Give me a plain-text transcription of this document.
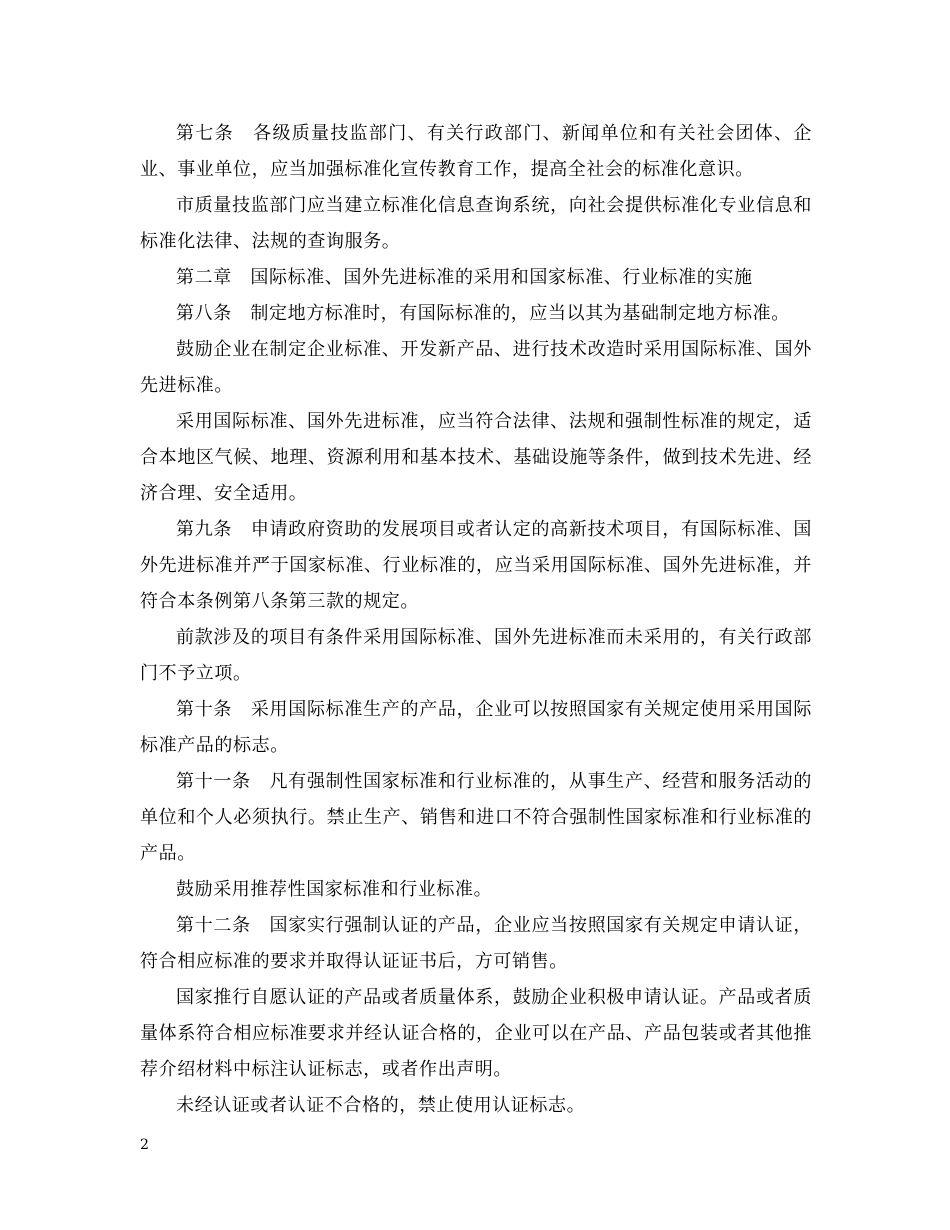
第七条　各级质量技监部门、有关行政部门、新闻单位和有关社会团体、企业、事业单位，应当加强标准化宣传教育工作，提高全社会的标准化意识。

市质量技监部门应当建立标准化信息查询系统，向社会提供标准化专业信息和标准化法律、法规的查询服务。

第二章　国际标准、国外先进标准的采用和国家标准、行业标准的实施

第八条　制定地方标准时，有国际标准的，应当以其为基础制定地方标准。

鼓励企业在制定企业标准、开发新产品、进行技术改造时采用国际标准、国外先进标准。

采用国际标准、国外先进标准，应当符合法律、法规和强制性标准的规定，适合本地区气候、地理、资源利用和基本技术、基础设施等条件，做到技术先进、经济合理、安全适用。

第九条　申请政府资助的发展项目或者认定的高新技术项目，有国际标准、国外先进标准并严于国家标准、行业标准的，应当采用国际标准、国外先进标准，并符合本条例第八条第三款的规定。

前款涉及的项目有条件采用国际标准、国外先进标准而未采用的，有关行政部门不予立项。

第十条　采用国际标准生产的产品，企业可以按照国家有关规定使用采用国际标准产品的标志。

第十一条　凡有强制性国家标准和行业标准的，从事生产、经营和服务活动的单位和个人必须执行。禁止生产、销售和进口不符合强制性国家标准和行业标准的产品。

鼓励采用推荐性国家标准和行业标准。

第十二条　国家实行强制认证的产品，企业应当按照国家有关规定申请认证，符合相应标准的要求并取得认证证书后，方可销售。

国家推行自愿认证的产品或者质量体系，鼓励企业积极申请认证。产品或者质量体系符合相应标准要求并经认证合格的，企业可以在产品、产品包装或者其他推荐介绍材料中标注认证标志，或者作出声明。

未经认证或者认证不合格的，禁止使用认证标志。

2
